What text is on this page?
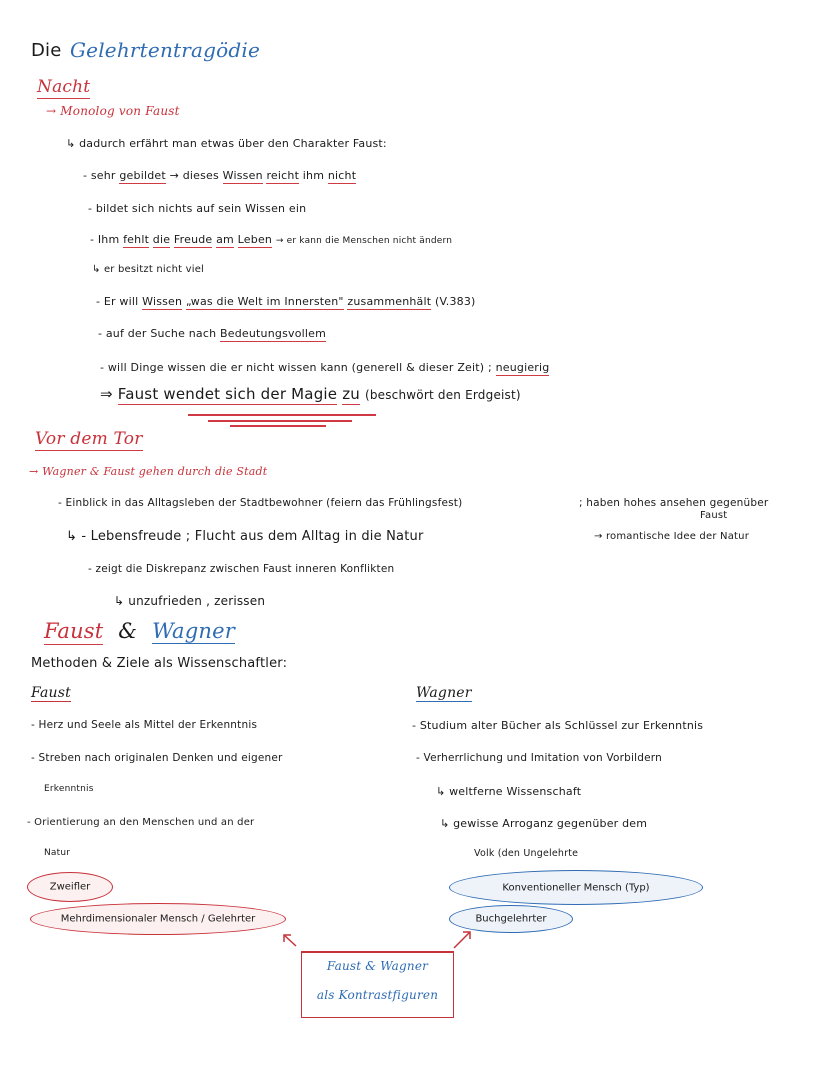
Die Gelehrtentragödie
Nacht
→ Monolog von Faust
↳ dadurch erfährt man etwas über den Charakter Faust:
- sehr gebildet → dieses Wissen reicht ihm nicht
- bildet sich nichts auf sein Wissen ein
- Ihm fehlt die Freude am Leben → er kann die Menschen nicht ändern
↳ er besitzt nicht viel
- Er will Wissen „was die Welt im Innersten" zusammenhält (V.383)
- auf der Suche nach Bedeutungsvollem
- will Dinge wissen die er nicht wissen kann (generell & dieser Zeit) ; neugierig
⇒ Faust wendet sich der Magie zu (beschwört den Erdgeist)
Vor dem Tor
→ Wagner & Faust gehen durch die Stadt
- Einblick in das Alltagsleben der Stadtbewohner (feiern das Frühlingsfest)	; haben hohes ansehen gegenüber
Faust
↳ - Lebensfreude ; Flucht aus dem Alltag in die Natur	→ romantische Idee der Natur
- zeigt die Diskrepanz zwischen Faust inneren Konflikten
↳ unzufrieden , zerissen
Faust & Wagner
Methoden & Ziele als Wissenschaftler:
Faust
- Herz und Seele als Mittel der Erkenntnis
- Streben nach originalen Denken und eigener
Erkenntnis
- Orientierung an den Menschen und an der
Natur
Zweifler
Mehrdimensionaler Mensch / Gelehrter
Wagner
- Studium alter Bücher als Schlüssel zur Erkenntnis
- Verherrlichung und Imitation von Vorbildern
↳ weltferne Wissenschaft
↳ gewisse Arroganz gegenüber dem
Volk (den Ungelehrte
Konventioneller Mensch (Typ)
Buchgelehrter
Faust & Wagner
als Kontrastfiguren
